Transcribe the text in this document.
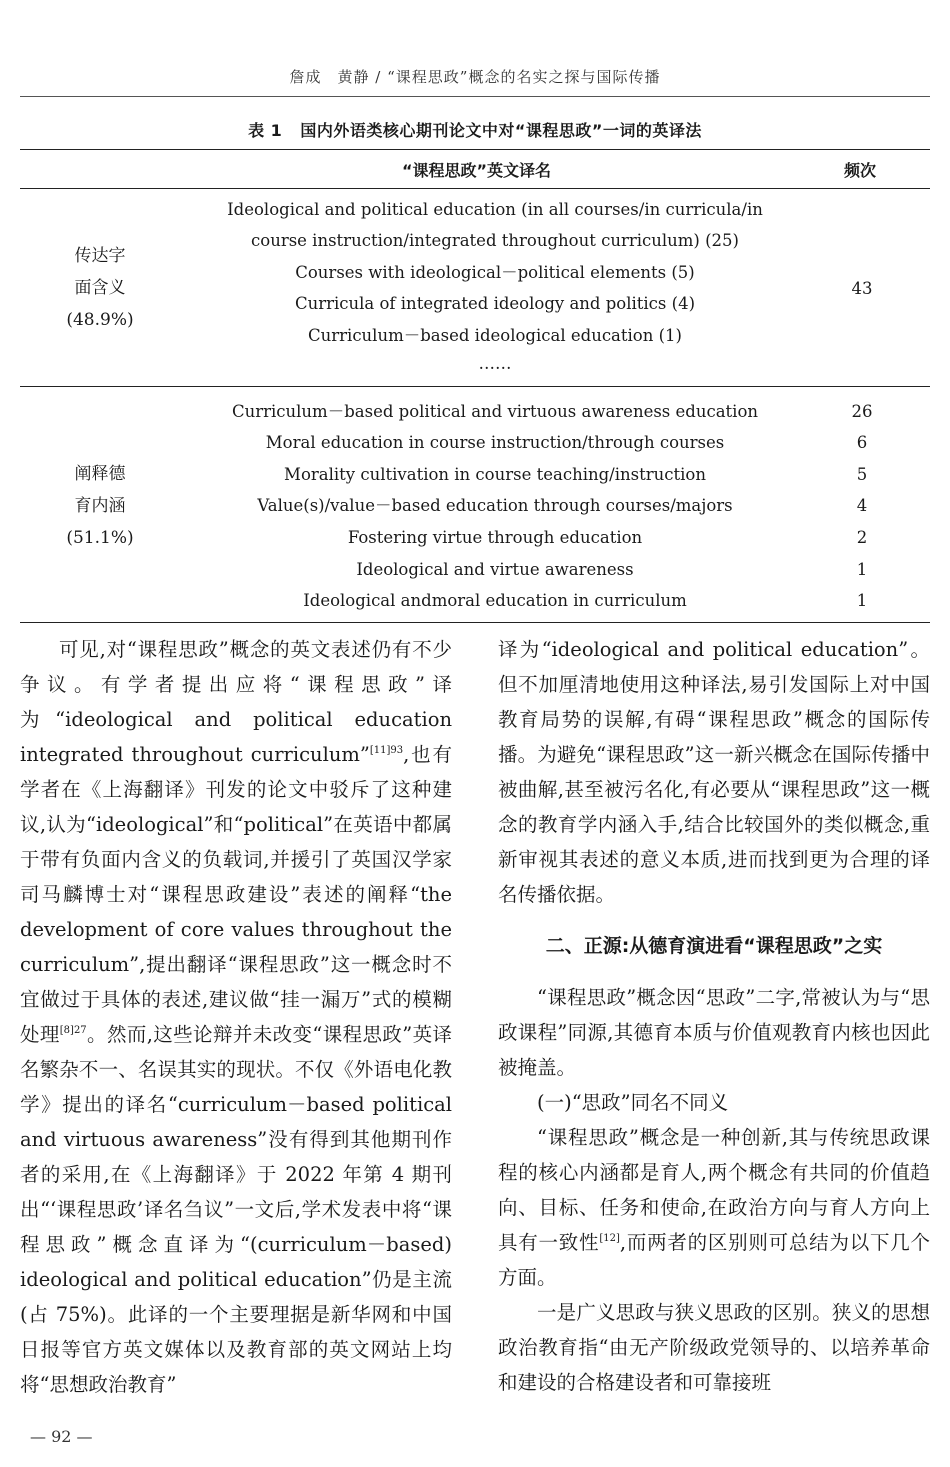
詹成　黄静 / “课程思政”概念的名实之探与国际传播
表 1 国内外语类核心期刊论文中对“课程思政”一词的英译法
“课程思政”英文译名	频次
传达字
面含义
(48.9%)
Ideological and political education (in all courses/in curricula/in
course instruction/integrated throughout curriculum) (25)
Courses with ideological－political elements (5)
Curricula of integrated ideology and politics (4)
Curriculum－based ideological education (1)
……
43
阐释德
育内涵
(51.1%)
Curriculum－based political and virtuous awareness education	26
Moral education in course instruction/through courses	6
Morality cultivation in course teaching/instruction	5
Value(s)/value－based education through courses/majors	4
Fostering virtue through education	2
Ideological and virtue awareness	1
Ideological andmoral education in curriculum	1

可见,对“课程思政”概念的英文表述仍有不少争议。有学者提出应将“课程思政”译为“ideological and political education integrated throughout curriculum”$^{[11]93}$,也有学者在《上海翻译》刊发的论文中驳斥了这种建议,认为“ideological”和“political”在英语中都属于带有负面内含义的负载词,并援引了英国汉学家司马麟博士对“课程思政建设”表述的阐释“the development of core values throughout the curriculum”,提出翻译“课程思政”这一概念时不宜做过于具体的表述,建议做“挂一漏万”式的模糊处理$^{[8]27}$。然而,这些论辩并未改变“课程思政”英译名繁杂不一、名误其实的现状。不仅《外语电化教学》提出的译名“curriculum－based political and virtuous awareness”没有得到其他期刊作者的采用,在《上海翻译》于 2022 年第 4 期刊出“‘课程思政’译名刍议”一文后,学术发表中将“课程思政”概念直译为“(curriculum－based) ideological and political education”仍是主流(占 75%)。此译的一个主要理据是新华网和中国日报等官方英文媒体以及教育部的英文网站上均将“思想政治教育”

译为“ideological and political education”。但不加厘清地使用这种译法,易引发国际上对中国教育局势的误解,有碍“课程思政”概念的国际传播。为避免“课程思政”这一新兴概念在国际传播中被曲解,甚至被污名化,有必要从“课程思政”这一概念的教育学内涵入手,结合比较国外的类似概念,重新审视其表述的意义本质,进而找到更为合理的译名传播依据。

二、正源:从德育演进看“课程思政”之实

“课程思政”概念因“思政”二字,常被认为与“思政课程”同源,其德育本质与价值观教育内核也因此被掩盖。

(一)“思政”同名不同义

“课程思政”概念是一种创新,其与传统思政课程的核心内涵都是育人,两个概念有共同的价值趋向、目标、任务和使命,在政治方向与育人方向上具有一致性[12],而两者的区别则可总结为以下几个方面。

一是广义思政与狭义思政的区别。狭义的思想政治教育指“由无产阶级政党领导的、以培养革命和建设的合格建设者和可靠接班

— 92 —
